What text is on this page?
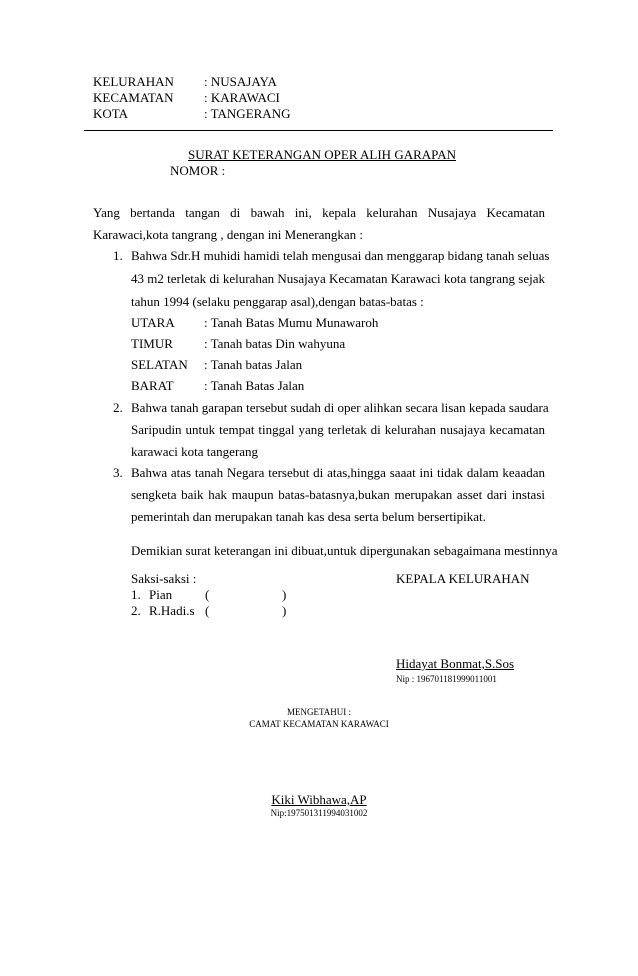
KELURAHAN : NUSAJAYA
KECAMATAN : KARAWACI
KOTA	: TANGERANG
SURAT KETERANGAN OPER ALIH GARAPAN
NOMOR :
Yang bertanda tangan di bawah ini, kepala kelurahan Nusajaya Kecamatan
Karawaci,kota tangrang , dengan ini Menerangkan :
1. Bahwa Sdr.H muhidi hamidi telah mengusai dan menggarap bidang tanah seluas
43 m2 terletak di kelurahan Nusajaya Kecamatan Karawaci kota tangrang sejak
tahun 1994 (selaku penggarap asal),dengan batas-batas :
UTARA : Tanah Batas Mumu Munawaroh
TIMUR : Tanah batas Din wahyuna
SELATAN : Tanah batas Jalan
BARAT : Tanah Batas Jalan
2. Bahwa tanah garapan tersebut sudah di oper alihkan secara lisan kepada saudara
Saripudin untuk tempat tinggal yang terletak di kelurahan nusajaya kecamatan
karawaci kota tangerang
3. Bahwa atas tanah Negara tersebut di atas,hingga saaat ini tidak dalam keaadan
sengketa baik hak maupun batas-batasnya,bukan merupakan asset dari instasi
pemerintah dan merupakan tanah kas desa serta belum bersertipikat.
Demikian surat keterangan ini dibuat,untuk dipergunakan sebagaimana mestinnya
Saksi-saksi :
1. Pian	(	)
2. R.Hadi.s (	)
KEPALA KELURAHAN
Hidayat Bonmat,S.Sos
Nip : 196701181999011001
MENGETAHUI :
CAMAT KECAMATAN KARAWACI
Kiki Wibhawa,AP
Nip:197501311994031002
